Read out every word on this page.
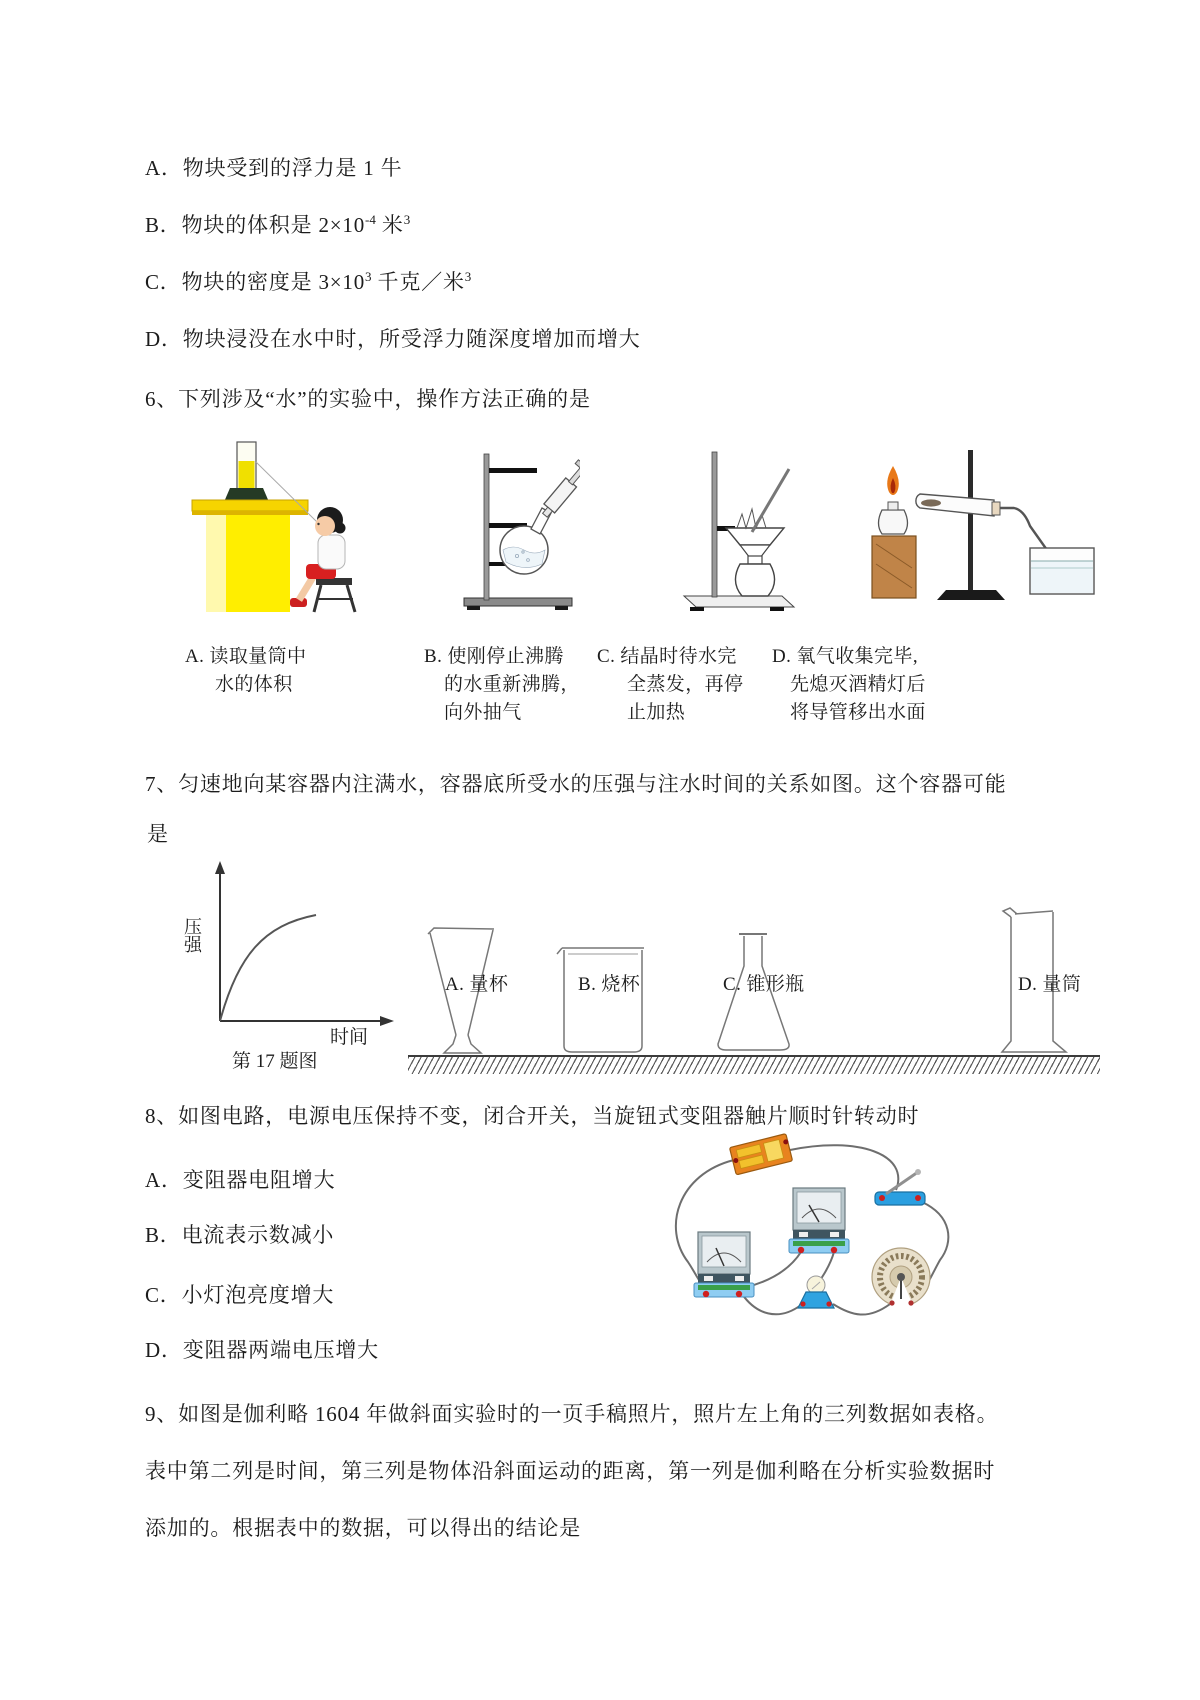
A．物块受到的浮力是 1 牛
B．物块的体积是 $2\times 10^{-4}$ 米$^3$
C．物块的密度是 $3\times 10^3$ 千克／米$^3$
D．物块浸没在水中时，所受浮力随深度增加而增大
6、下列涉及“水”的实验中，操作方法正确的是
A. 读取量筒中
水的体积
B. 使刚停止沸腾
的水重新沸腾，
向外抽气
C. 结晶时待水完
全蒸发，再停
止加热
D. 氧气收集完毕,
先熄灭酒精灯后
将导管移出水面
7、匀速地向某容器内注满水，容器底所受水的压强与注水时间的关系如图。这个容器可能
是
压强
时间
第 17 题图
A. 量杯	B. 烧杯	C. 锥形瓶	D. 量筒
8、如图电路，电源电压保持不变，闭合开关，当旋钮式变阻器触片顺时针转动时
A．变阻器电阻增大
B．电流表示数减小
C．小灯泡亮度增大
D．变阻器两端电压增大
9、如图是伽利略 1604 年做斜面实验时的一页手稿照片，照片左上角的三列数据如表格。
表中第二列是时间，第三列是物体沿斜面运动的距离，第一列是伽利略在分析实验数据时
添加的。根据表中的数据，可以得出的结论是
